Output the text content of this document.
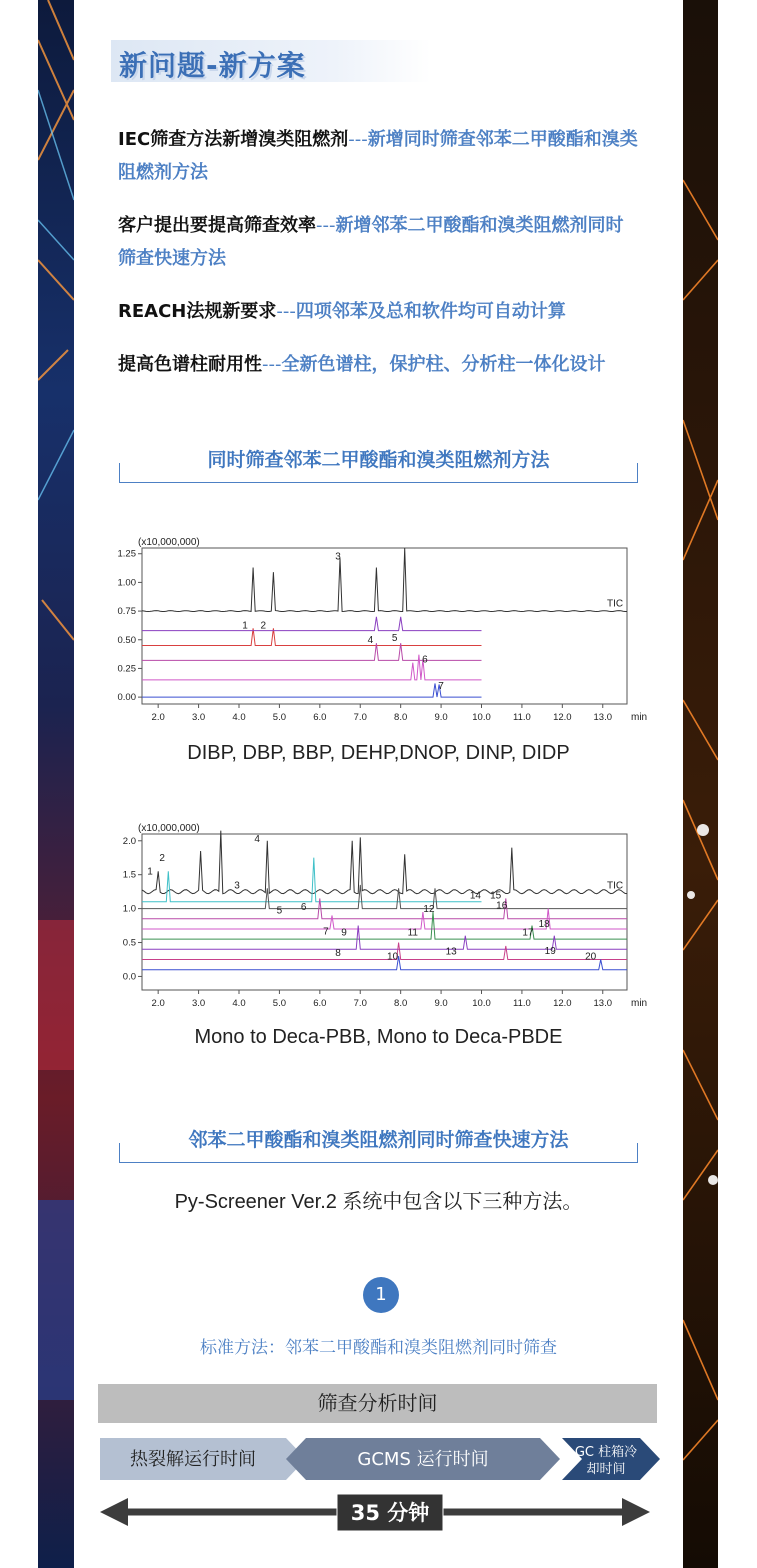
新问题-新方案
IEC筛查方法新增溴类阻燃剂---新增同时筛查邻苯二甲酸酯和溴类阻燃剂方法
客户提出要提高筛查效率---新增邻苯二甲酸酯和溴类阻燃剂同时筛查快速方法
REACH法规新要求---四项邻苯及总和软件均可自动计算
提高色谱柱耐用性---全新色谱柱，保护柱、分析柱一体化设计
同时筛查邻苯二甲酸酯和溴类阻燃剂方法
(x10,000,000)
2.0	3.0	4.0	5.0	6.0	7.0	8.0	9.0	10.0 11.0 12.0 13.0
0.00
0.25
0.50
0.75
1.00
1.25
min
TIC
1 2
3
4 5
6
7
DIBP, DBP, BBP, DEHP,DNOP, DINP, DIDP
(x10,000,000)
2.0	3.0	4.0	5.0	6.0	7.0	8.0	9.0	10.0 11.0 12.0 13.0
0.0
0.5
1.0
1.5
2.0
min
TIC
1
2
3
4
5 6
7
8
9
10
11
12
13
14 15
16
17
18
19	20
Mono to Deca-PBB, Mono to Deca-PBDE
邻苯二甲酸酯和溴类阻燃剂同时筛查快速方法
Py-Screener Ver.2 系统中包含以下三种方法。
1
标准方法：邻苯二甲酸酯和溴类阻燃剂同时筛查
筛查分析时间
热裂解运行时间	GCMS 运行时间	GC 柱箱冷
却时间
35 分钟
